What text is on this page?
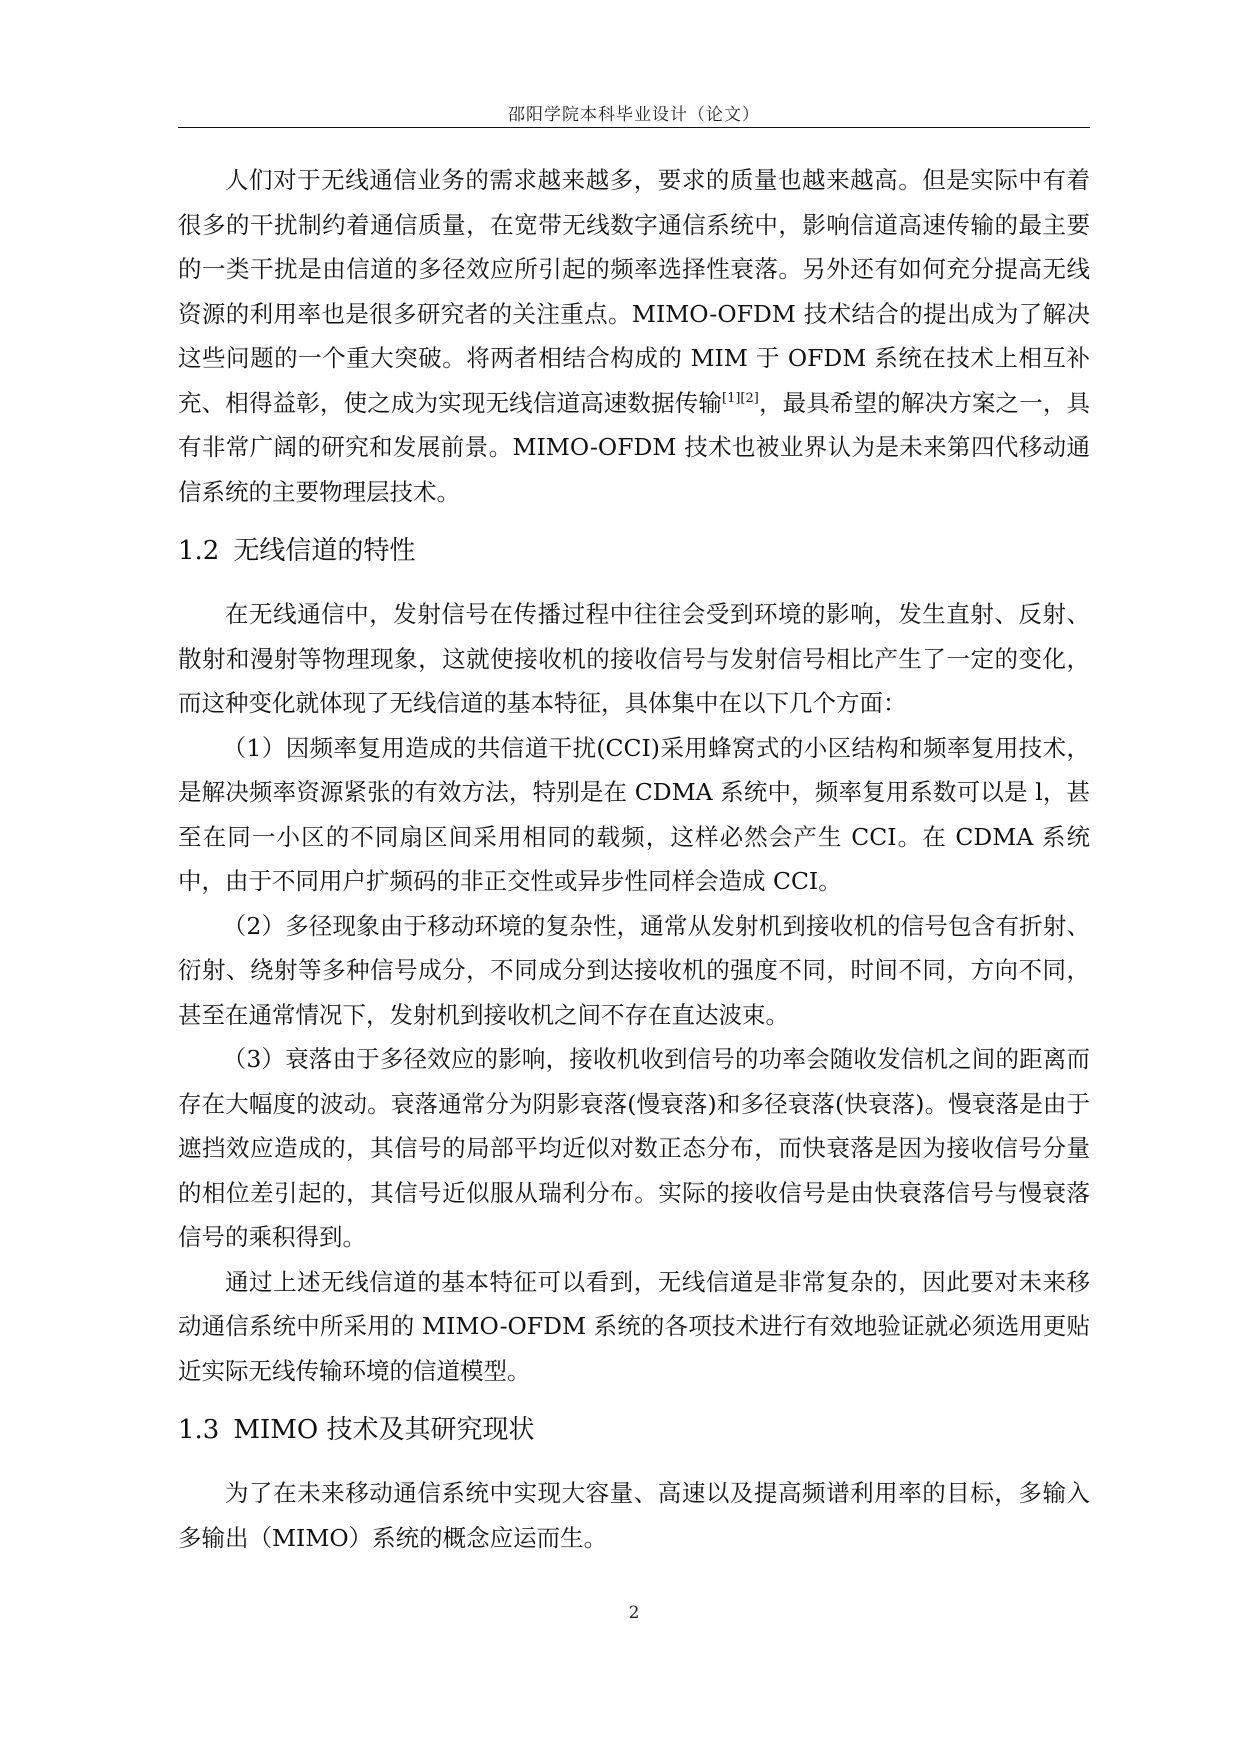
邵阳学院本科毕业设计（论文）

人们对于无线通信业务的需求越来越多，要求的质量也越来越高。但是实际中有着很多的干扰制约着通信质量，在宽带无线数字通信系统中，影响信道高速传输的最主要的一类干扰是由信道的多径效应所引起的频率选择性衰落。另外还有如何充分提高无线资源的利用率也是很多研究者的关注重点。MIMO-OFDM 技术结合的提出成为了解决这些问题的一个重大突破。将两者相结合构成的 MIM 于 OFDM 系统在技术上相互补充、相得益彰，使之成为实现无线信道高速数据传输[1][2]，最具希望的解决方案之一，具有非常广阔的研究和发展前景。MIMO-OFDM 技术也被业界认为是未来第四代移动通信系统的主要物理层技术。

1.2 无线信道的特性

在无线通信中，发射信号在传播过程中往往会受到环境的影响，发生直射、反射、散射和漫射等物理现象，这就使接收机的接收信号与发射信号相比产生了一定的变化，而这种变化就体现了无线信道的基本特征，具体集中在以下几个方面：

（1）因频率复用造成的共信道干扰(CCI)采用蜂窝式的小区结构和频率复用技术，是解决频率资源紧张的有效方法，特别是在 CDMA 系统中，频率复用系数可以是 l，甚至在同一小区的不同扇区间采用相同的载频，这样必然会产生 CCI。在 CDMA 系统中，由于不同用户扩频码的非正交性或异步性同样会造成 CCI。

（2）多径现象由于移动环境的复杂性，通常从发射机到接收机的信号包含有折射、衍射、绕射等多种信号成分，不同成分到达接收机的强度不同，时间不同，方向不同，甚至在通常情况下，发射机到接收机之间不存在直达波束。

（3）衰落由于多径效应的影响，接收机收到信号的功率会随收发信机之间的距离而存在大幅度的波动。衰落通常分为阴影衰落(慢衰落)和多径衰落(快衰落)。慢衰落是由于遮挡效应造成的，其信号的局部平均近似对数正态分布，而快衰落是因为接收信号分量的相位差引起的，其信号近似服从瑞利分布。实际的接收信号是由快衰落信号与慢衰落信号的乘积得到。

通过上述无线信道的基本特征可以看到，无线信道是非常复杂的，因此要对未来移动通信系统中所采用的 MIMO-OFDM 系统的各项技术进行有效地验证就必须选用更贴近实际无线传输环境的信道模型。

1.3 MIMO 技术及其研究现状

为了在未来移动通信系统中实现大容量、高速以及提高频谱利用率的目标，多输入多输出（MIMO）系统的概念应运而生。

2
